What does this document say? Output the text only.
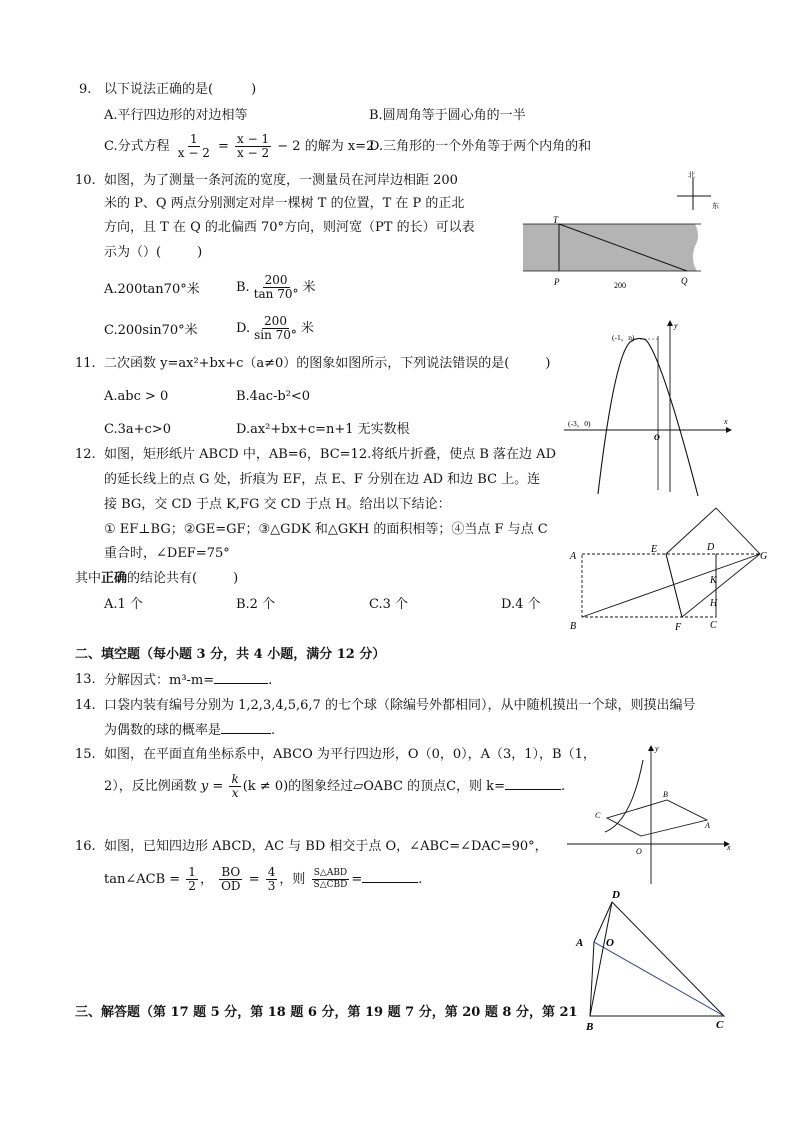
9. 以下说法正确的是(	)
A.平行四边形的对边相等	B.圆周角等于圆心角的一半
C.分式方程 $\frac{1}{x - 2} = \frac{x - 1}{x - 2} - 2$ 的解为 x=2
D.三角形的一个外角等于两个内角的和
10. 如图，为了测量一条河流的宽度，一测量员在河岸边相距 200
米的 P、Q 两点分别测定对岸一棵树 T 的位置，T 在 P 的正北
方向，且 T 在 Q 的北偏西 70°方向，则河宽（PT 的长）可以表
示为（）(	)
A.200tan70°米	B. $\frac{200}{\tan 70^\circ}$ 米
C.200sin70°米	D. $\frac{200}{\sin 70^\circ}$ 米
北
东
T
P	Q
200
11. 二次函数 y=ax²+bx+c（a≠0）的图象如图所示，下列说法错误的是(	)
A.abc > 0	B.4ac-b²<0
C.3a+c>0	D.ax²+bx+c=n+1 无实数根
(-1，n)
(-3，0)
O
x
y
12. 如图，矩形纸片 ABCD 中，AB=6，BC=12.将纸片折叠，使点 B 落在边 AD
的延长线上的点 G 处，折痕为 EF，点 E、F 分别在边 AD 和边 BC 上。连
接 BG，交 CD 于点 K,FG 交 CD 于点 H。给出以下结论：
① EF⊥BG；②GE=GF；③△GDK 和△GKH 的面积相等；④当点 F 与点 C
重合时，∠DEF=75°
其中正确的结论共有(	)
A.1 个	B.2 个	C.3 个	D.4 个
A
B	C
D
E
F
G
H
K
二、填空题（每小题 3 分，共 4 小题，满分 12 分）
13. 分解因式：m³-m=	.
14. 口袋内装有编号分别为 1,2,3,4,5,6,7 的七个球（除编号外都相同），从中随机摸出一个球，则摸出编号
为偶数的球的概率是	.
15. 如图，在平面直角坐标系中，ABCO 为平行四边形，O（0，0），A（3，1），B（1，
2），反比例函数 $y = \frac{k}{x} (k \ne 0)$的图象经过▱OABC 的顶点C，则 k=	.
A
B
C
O	x
y
16. 如图，已知四边形 ABCD，AC 与 BD 相交于点 O，∠ABC=∠DAC=90°，
tan∠ACB = $\frac{1}{2}$ ， $\frac{BO}{OD} = \frac{4}{3}$ ，则 $\frac{\text{S△ABD}}{\text{S△CBD}}$ =	.
A
B	C
D
O
三、解答题（第 17 题 5 分，第 18 题 6 分，第 19 题 7 分，第 20 题 8 分，第 21
